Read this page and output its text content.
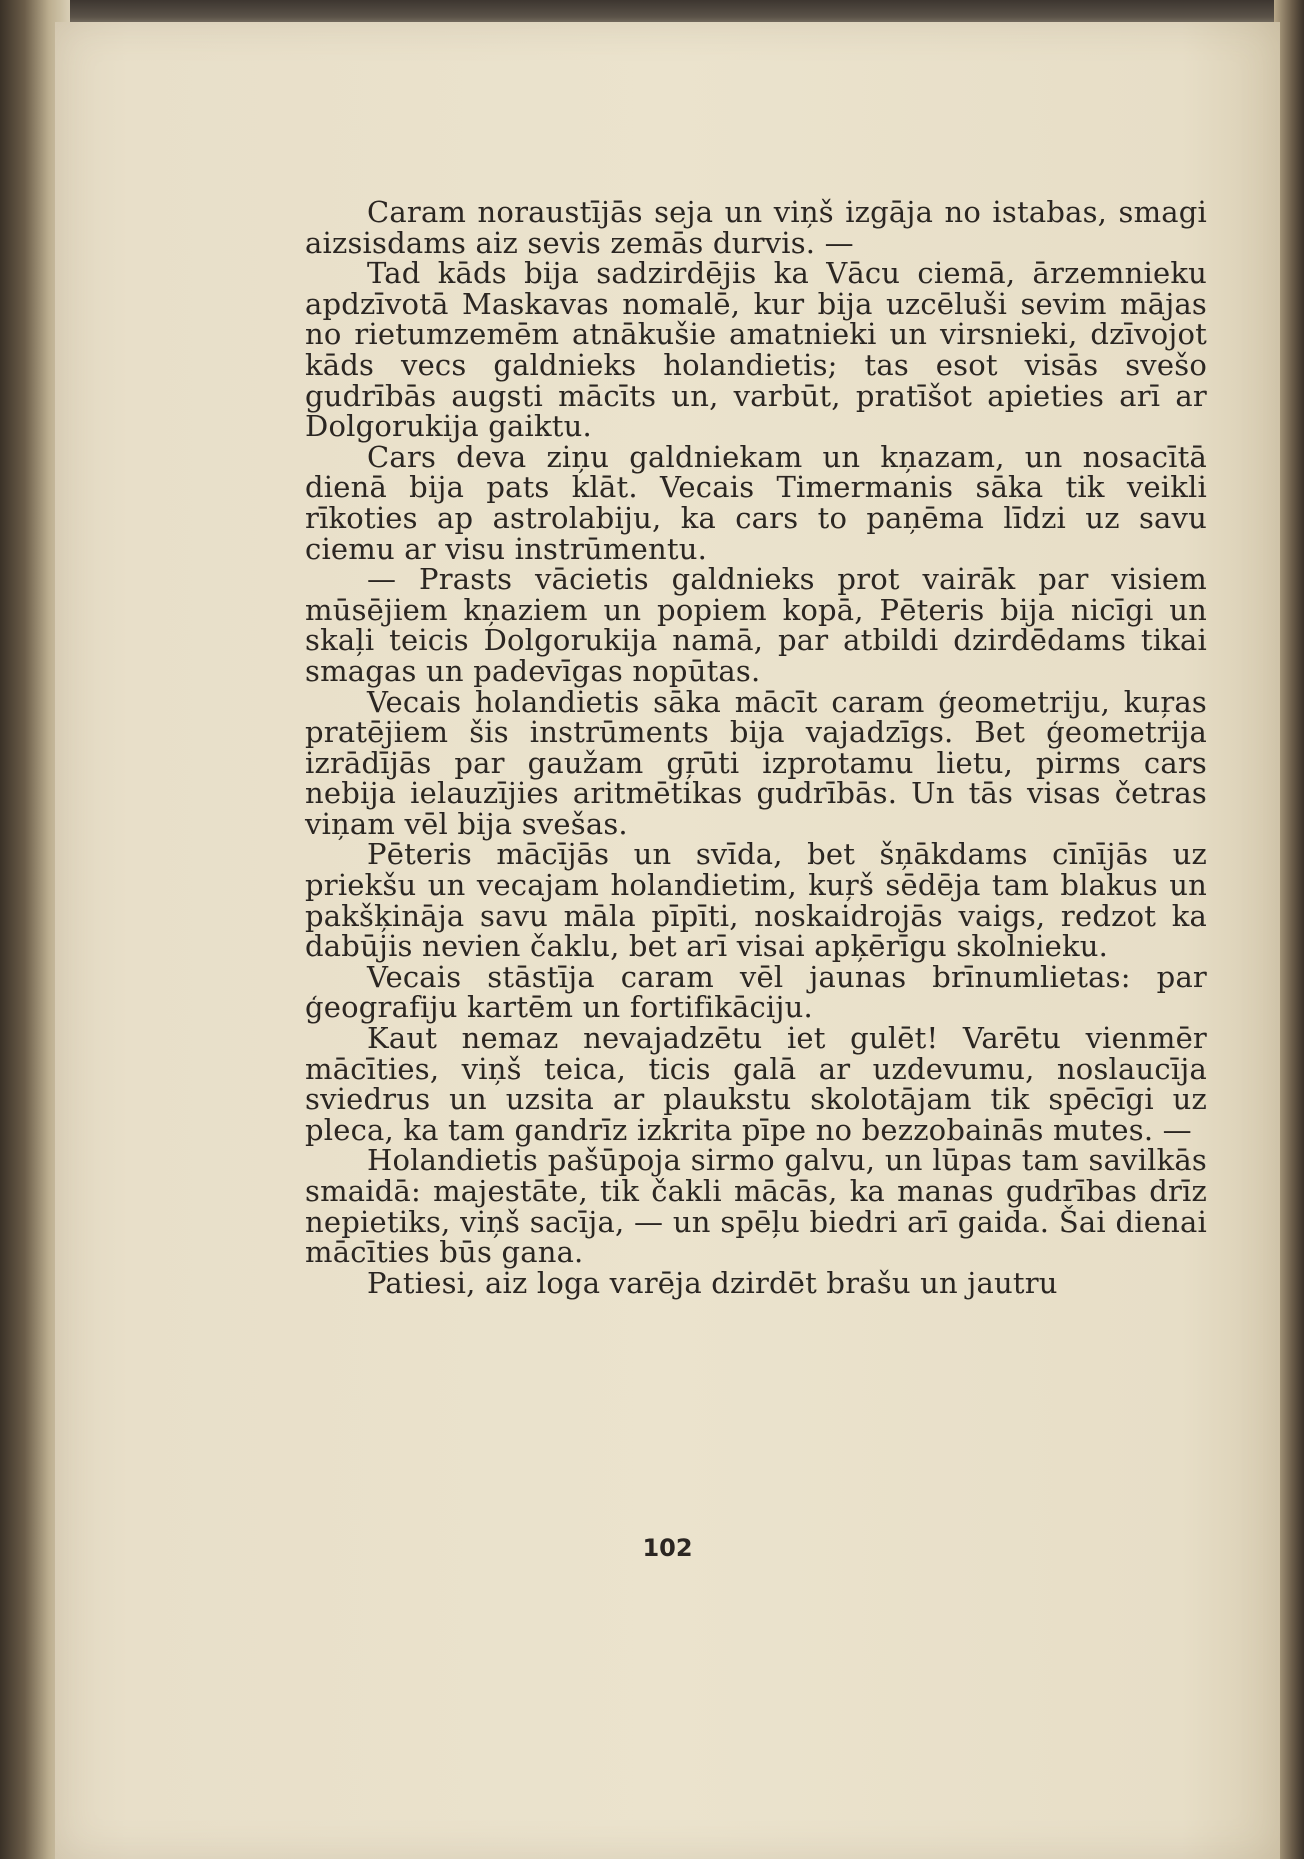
Caram noraustījās seja un viņš izgāja no istabas, smagi aizsisdams aiz sevis zemās durvis. —

Tad kāds bija sadzirdējis ka Vācu ciemā, ārzemnieku apdzīvotā Maskavas nomalē, kur bija uzcēluši sevim mājas no rietumzemēm atnākušie amatnieki un virsnieki, dzīvojot kāds vecs galdnieks holandietis; tas esot visās svešo gudrībās augsti mācīts un, varbūt, pratīšot apieties arī ar Dolgorukija gaiktu.

Cars deva ziņu galdniekam un kņazam, un nosacītā dienā bija pats klāt. Vecais Timermanis sāka tik veikli rīkoties ap astrolabiju, ka cars to paņēma līdzi uz savu ciemu ar visu instrūmentu.

— Prasts vācietis galdnieks prot vairāk par visiem mūsējiem kņaziem un popiem kopā, Pēteris bija nicīgi un skaļi teicis Dolgorukija namā, par atbildi dzirdēdams tikai smagas un padevīgas nopūtas.

Vecais holandietis sāka mācīt caram ģeometriju, kuŗas pratējiem šis instrūments bija vajadzīgs. Bet ģeometrija izrādījās par gaužam gŗūti izprotamu lietu, pirms cars nebija ielauzījies aritmētikas gudrībās. Un tās visas četras viņam vēl bija svešas.

Pēteris mācījās un svīda, bet šņākdams cīnījās uz priekšu un vecajam holandietim, kuŗš sēdēja tam blakus un pakšķināja savu māla pīpīti, noskaidrojās vaigs, redzot ka dabūjis nevien čaklu, bet arī visai apķērīgu skolnieku.

Vecais stāstīja caram vēl jaunas brīnumlietas: par ģeografiju kartēm un fortifikāciju.

Kaut nemaz nevajadzētu iet gulēt! Varētu vienmēr mācīties, viņš teica, ticis galā ar uzdevumu, noslaucīja sviedrus un uzsita ar plaukstu skolotājam tik spēcīgi uz pleca, ka tam gandrīz izkrita pīpe no bezzobainās mutes. —

Holandietis pašūpoja sirmo galvu, un lūpas tam savilkās smaidā: majestāte, tik čakli mācās, ka manas gudrības drīz nepietiks, viņš sacīja, — un spēļu biedri arī gaida. Šai dienai mācīties būs gana.

Patiesi, aiz loga varēja dzirdēt brašu un jautru

102
